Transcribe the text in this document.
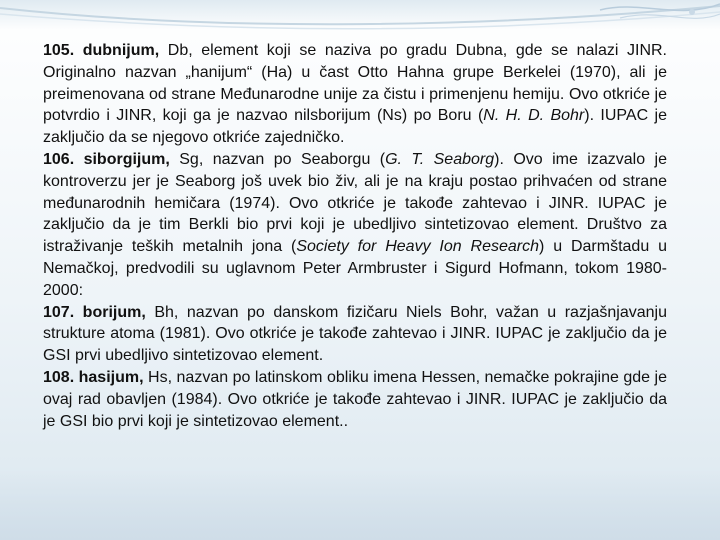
105. dubnijum, Db, element koji se naziva po gradu Dubna, gde se nalazi JINR. Originalno nazvan „hanijum“ (Ha) u čast Otto Hahna grupe Berkelei (1970), ali je preimenovana od strane Međunarodne unije za čistu i primenjenu hemiju. Ovo otkriće je potvrdio i JINR, koji ga je nazvao nilsborijum (Ns) po Boru (N. H. D. Bohr). IUPAC je zaključio da se njegovo otkriće zajedničko.

106. siborgijum, Sg, nazvan po Seaborgu (G. T. Seaborg). Ovo ime izazvalo je kontroverzu jer je Seaborg još uvek bio živ, ali je na kraju postao prihvaćen od strane međunarodnih hemičara (1974). Ovo otkriće je takođe zahtevao i JINR. IUPAC je zaključio da je tim Berkli bio prvi koji je ubedljivo sintetizovao element. Društvo za istraživanje teških metalnih jona (Society for Heavy Ion Research) u Darmštadu u Nemačkoj, predvodili su uglavnom Peter Armbruster i Sigurd Hofmann, tokom 1980-2000:

107. borijum, Bh, nazvan po danskom fizičaru Niels Bohr, važan u razjašnjavanju strukture atoma (1981). Ovo otkriće je takođe zahtevao i JINR. IUPAC je zaključio da je GSI prvi ubedljivo sintetizovao element.

108. hasijum, Hs, nazvan po latinskom obliku imena Hessen, nemačke pokrajine gde je ovaj rad obavljen (1984). Ovo otkriće je takođe zahtevao i JINR. IUPAC je zaključio da je GSI bio prvi koji je sintetizovao element..
